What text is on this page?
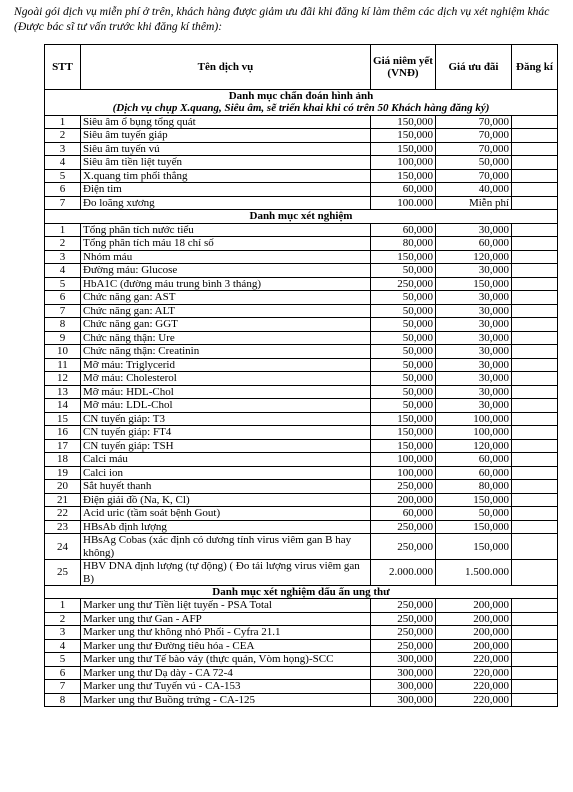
Ngoài gói dịch vụ miễn phí ở trên, khách hàng được giảm ưu đãi khi đăng kí làm thêm các dịch vụ xét nghiệm khác (Được bác sĩ tư vấn trước khi đăng kí thêm):
STT	Tên dịch vụ	Giá niêm yết (VNĐ)	Giá ưu đãi	Đăng kí
Danh mục chẩn đoán hình ảnh
(Dịch vụ chụp X.quang, Siêu âm, sẽ triển khai khi có trên 50 Khách hàng đăng ký)				

1	Siêu âm ổ bụng tổng quát	150,000	70,000	
2	Siêu âm tuyến giáp	150,000	70,000	
3	Siêu âm tuyến vú	150,000	70,000	
4	Siêu âm tiền liệt tuyến	100,000	50,000	
5	X.quang tim phổi thẳng	150,000	70,000	
6	Điện tim	60,000	40,000	
7	Đo loãng xương	100.000	Miễn phí	
Danh mục xét nghiệm				
1	Tổng phân tích nước tiểu	60,000	30,000	
2	Tổng phân tích máu 18 chỉ số	80,000	60,000	
3	Nhóm máu	150,000	120,000	
4	Đường máu: Glucose	50,000	30,000	
5	HbA1C (đường máu trung bình 3 tháng)	250,000	150,000	
6	Chức năng gan: AST	50,000	30,000	
7	Chức năng gan: ALT	50,000	30,000	
8	Chức năng gan: GGT	50,000	30,000	
9	Chức năng thận: Ure	50,000	30,000	
10	Chức năng thận: Creatinin	50,000	30,000	
11	Mỡ máu: Triglycerid	50,000	30,000	
12	Mỡ máu: Cholesterol	50,000	30,000	
13	Mỡ máu: HDL-Chol	50,000	30,000	
14	Mỡ máu: LDL-Chol	50,000	30,000	
15	CN tuyến giáp: T3	150,000	100,000	
16	CN tuyến giáp: FT4	150,000	100,000	
17	CN tuyến giáp: TSH	150,000	120,000	
18	Calci máu	100,000	60,000	
19	Calci ion	100,000	60,000	
20	Sắt huyết thanh	250,000	80,000	
21	Điện giải đồ (Na, K, Cl)	200,000	150,000	
22	Acid uric (tầm soát bệnh Gout)	60,000	50,000	
23	HBsAb định lượng	250,000	150,000	
24	HBsAg Cobas (xác định có dương tính virus viêm gan B hay không)	250,000	150,000	
25	HBV DNA định lượng (tự động) ( Đo tải lượng virus viêm gan B)	2.000.000	1.500.000	
Danh mục xét nghiệm dấu ấn ung thư				
1	Marker ung thư Tiền liệt tuyến - PSA Total	250,000	200,000	
2	Marker ung thư Gan - AFP	250,000	200,000	
3	Marker ung thư không nhỏ Phổi - Cyfra 21.1	250,000	200,000	
4	Marker ung thư Đường tiêu hóa - CEA	250,000	200,000	
5	Marker ung thư Tế bào vảy (thực quản, Vòm họng)-SCC	300,000	220,000	
6	Marker ung thư Dạ dày - CA 72-4	300,000	220,000	
7	Marker ung thư Tuyến vú - CA-153	300,000	220,000	
8	Marker ung thư Buồng trứng - CA-125	300,000	220,000	
